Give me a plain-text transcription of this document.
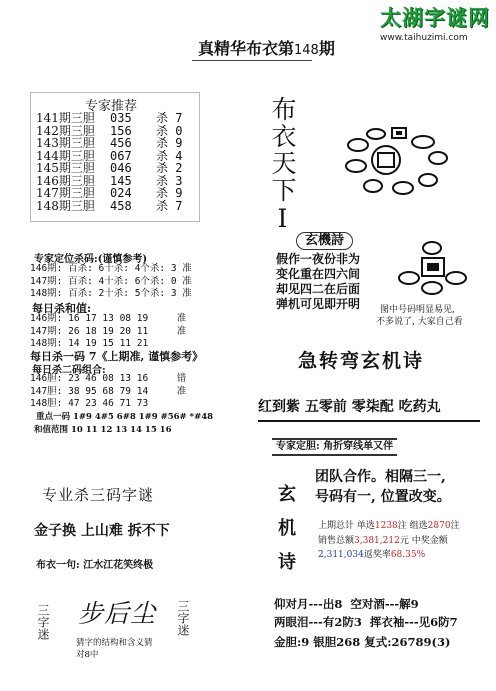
太湖字谜网
www.taihuzimi.com
真精华布衣第148期
专家推荐
141期三胆 035 杀 7
142期三胆 156 杀 0
143期三胆 456 杀 9
144期三胆 067 杀 4
145期三胆 046 杀 2
146期三胆 145 杀 3
147期三胆 024 杀 9
148期三胆 458 杀 7	布衣天下I
玄機詩
假作一夜份非为
变化重在四六间
却见四二在后面
弹机可见即开明 图中号码明显易见,
不多说了, 大家自己看
专家定位杀码:(谨慎参考)
146期: 百杀: 6十杀: 4个杀: 3 准
147期: 百杀: 4十杀: 6个杀: 0 准
148期: 百杀: 2十杀: 5个杀: 3 准
每日杀和值:
146期: 16 17 13 08 19     准
147期: 26 18 19 20 11     准
148期: 14 19 15 11 21
每日杀一码 7《上期准, 谨慎参考》
每日杀二码组合:
146胆: 23 46 08 13 16     错
147胆: 38 95 68 79 14     准
148胆: 47 23 46 71 73
重点一码 1#9 4#5 6#8 1#9 #56# *#48
和值范围 10 11 12 13 14 15 16
急转弯玄机诗
红到紫 五零前 零柒配 吃药丸
专家定胆: 角折穿线单又伴
玄机诗
团队合作。相隔三一,
号码有一, 位置改变。
上期总计 单选1238注 组选2870注
销售总额3,381,212元 中奖金额
2,311,034返奖率68.35%
专业杀三码字谜
金子换 上山难 拆不下
布衣一句: 江水江花笑终极
三字迷 步后尘 三字迷
猜字的结构和含义猜
对8中
仰对月---出8  空对酒---解9
两眼泪---有2防3  挥衣袖---见6防7
金胆:9 银胆268 复式:26789(3)
